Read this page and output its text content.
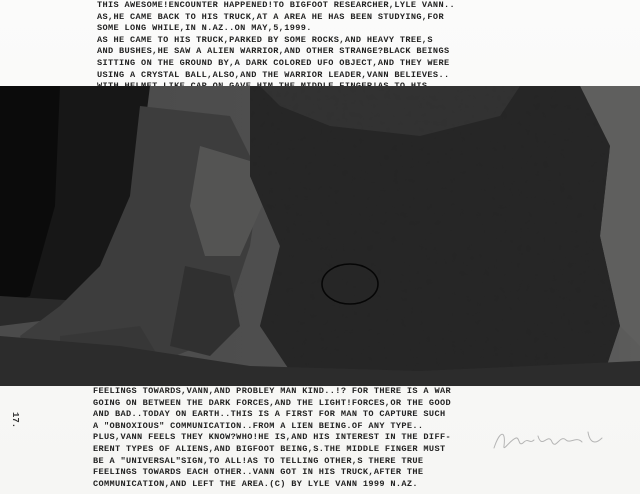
THIS AWESOME!ENCOUNTER HAPPENED!TO BIGFOOT RESEARCHER,LYLE VANN..
AS,HE CAME BACK TO HIS TRUCK,AT A AREA HE HAS BEEN STUDYING,FOR
SOME LONG WHILE,IN N.AZ..ON MAY,5,1999.
AS HE CAME TO HIS TRUCK,PARKED BY SOME ROCKS,AND HEAVY TREE,S
AND BUSHES,HE SAW A ALIEN WARRIOR,AND OTHER STRANGE?BLACK BEINGS
SITTING ON THE GROUND BY,A DARK COLORED UFO OBJECT,AND THEY WERE
USING A CRYSTAL BALL,ALSO,AND THE WARRIOR LEADER,VANN BELIEVES..
FEELINGS TOWARDS,VANN,AND PROBLEY MAN KIND..!? FOR THERE IS A WAR
GOING ON BETWEEN THE DARK FORCES,AND THE LIGHT!FORCES,OR THE GOOD
AND BAD..TODAY ON EARTH..THIS IS A FIRST FOR MAN TO CAPTURE SUCH
A "OBNOXIOUS" COMMUNICATION..FROM A LIEN BEING.OF ANY TYPE..
PLUS,VANN FEELS THEY KNOW?WHO!HE IS,AND HIS INTEREST IN THE DIFF-
ERENT TYPES OF ALIENS,AND BIGFOOT BEING,S.THE MIDDLE FINGER MUST
BE A "UNIVERSAL"SIGN,TO ALL!AS TO TELLING OTHER,S THERE TRUE
FEELINGS TOWARDS EACH OTHER..VANN GOT IN HIS TRUCK,AFTER THE
COMMUNICATION,AND LEFT THE AREA.(C) BY LYLE VANN 1999 N.AZ.
17.
